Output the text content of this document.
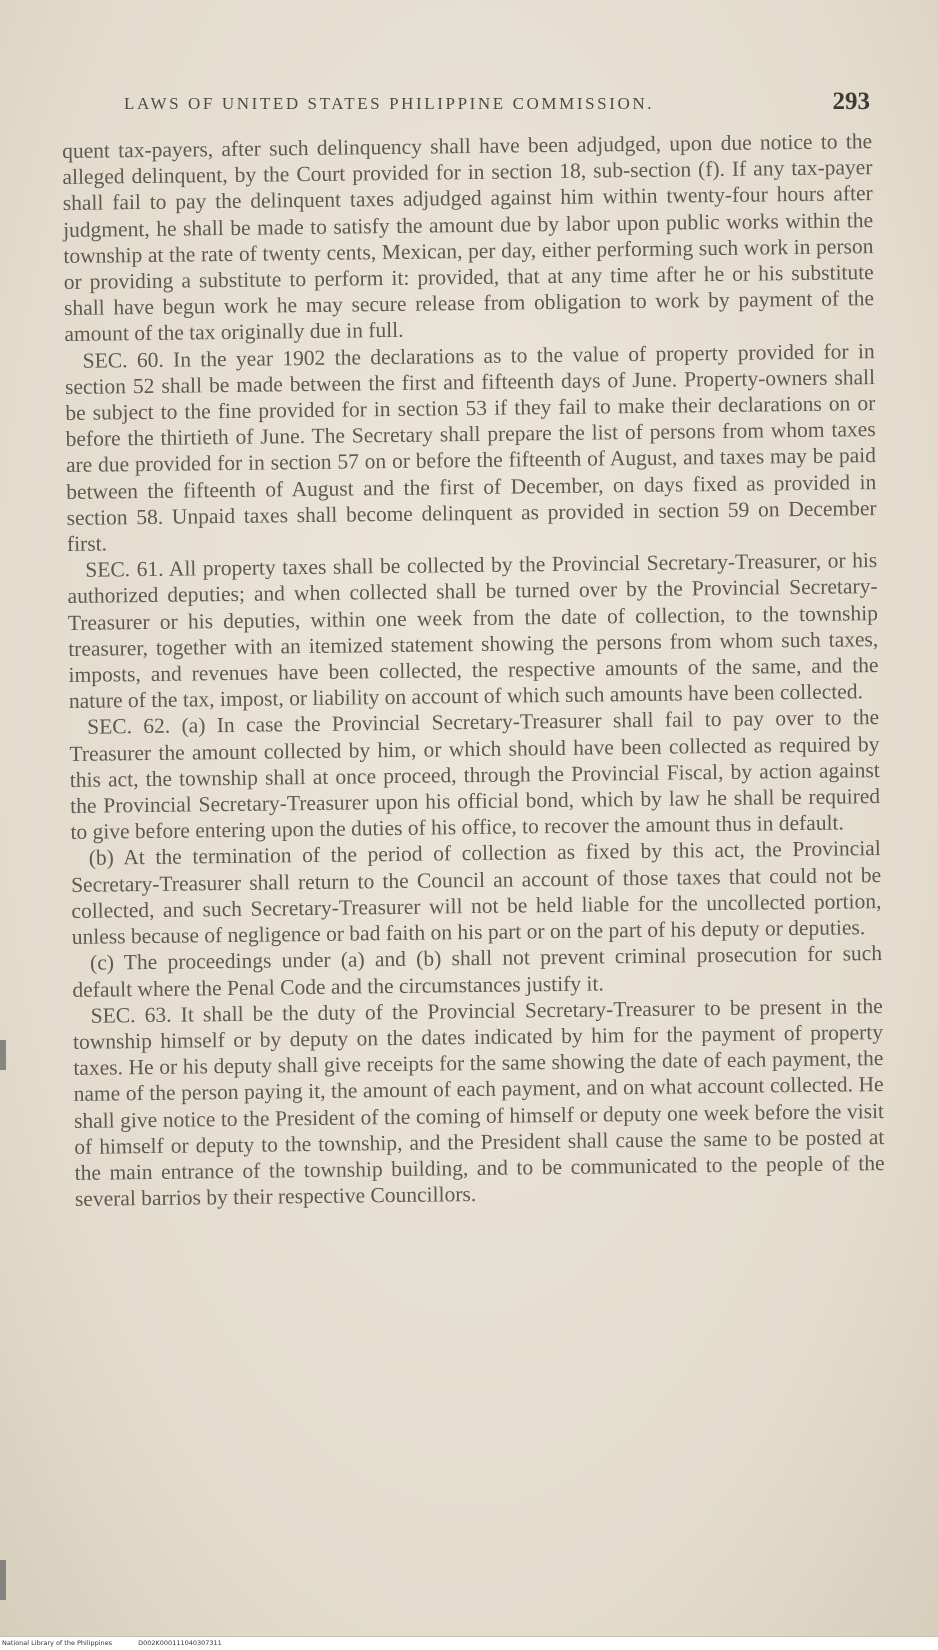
LAWS OF UNITED STATES PHILIPPINE COMMISSION.	293

quent tax-payers, after such delinquency shall have been adjudged, upon due notice to the alleged delinquent, by the Court provided for in section 18, sub-section (f). If any tax-payer shall fail to pay the delinquent taxes adjudged against him within twenty-four hours after judgment, he shall be made to satisfy the amount due by labor upon public works within the township at the rate of twenty cents, Mexican, per day, either performing such work in person or providing a substitute to perform it: provided, that at any time after he or his substitute shall have begun work he may secure release from obligation to work by payment of the amount of the tax originally due in full.

SEC. 60. In the year 1902 the declarations as to the value of property provided for in section 52 shall be made between the first and fifteenth days of June. Property-owners shall be subject to the fine provided for in section 53 if they fail to make their declarations on or before the thirtieth of June. The Secretary shall prepare the list of persons from whom taxes are due provided for in section 57 on or before the fifteenth of August, and taxes may be paid between the fifteenth of August and the first of December, on days fixed as provided in section 58. Unpaid taxes shall become delinquent as provided in section 59 on December first.

SEC. 61. All property taxes shall be collected by the Provincial Secretary-Treasurer, or his authorized deputies; and when collected shall be turned over by the Provincial Secretary-Treasurer or his deputies, within one week from the date of collection, to the township treasurer, together with an itemized statement showing the persons from whom such taxes, imposts, and revenues have been collected, the respective amounts of the same, and the nature of the tax, impost, or liability on account of which such amounts have been collected.

SEC. 62. (a) In case the Provincial Secretary-Treasurer shall fail to pay over to the Treasurer the amount collected by him, or which should have been collected as required by this act, the township shall at once proceed, through the Provincial Fiscal, by action against the Provincial Secretary-Treasurer upon his official bond, which by law he shall be required to give before entering upon the duties of his office, to recover the amount thus in default.

(b) At the termination of the period of collection as fixed by this act, the Provincial Secretary-Treasurer shall return to the Council an account of those taxes that could not be collected, and such Secretary-Treasurer will not be held liable for the uncollected portion, unless because of negligence or bad faith on his part or on the part of his deputy or deputies.

(c) The proceedings under (a) and (b) shall not prevent criminal prosecution for such default where the Penal Code and the circumstances justify it.

SEC. 63. It shall be the duty of the Provincial Secretary-Treasurer to be present in the township himself or by deputy on the dates indicated by him for the payment of property taxes. He or his deputy shall give receipts for the same showing the date of each payment, the name of the person paying it, the amount of each payment, and on what account collected. He shall give notice to the President of the coming of himself or deputy one week before the visit of himself or deputy to the township, and the President shall cause the same to be posted at the main entrance of the township building, and to be communicated to the people of the several barrios by their respective Councillors.

National Library of the Philippines	D002K000111040307311
